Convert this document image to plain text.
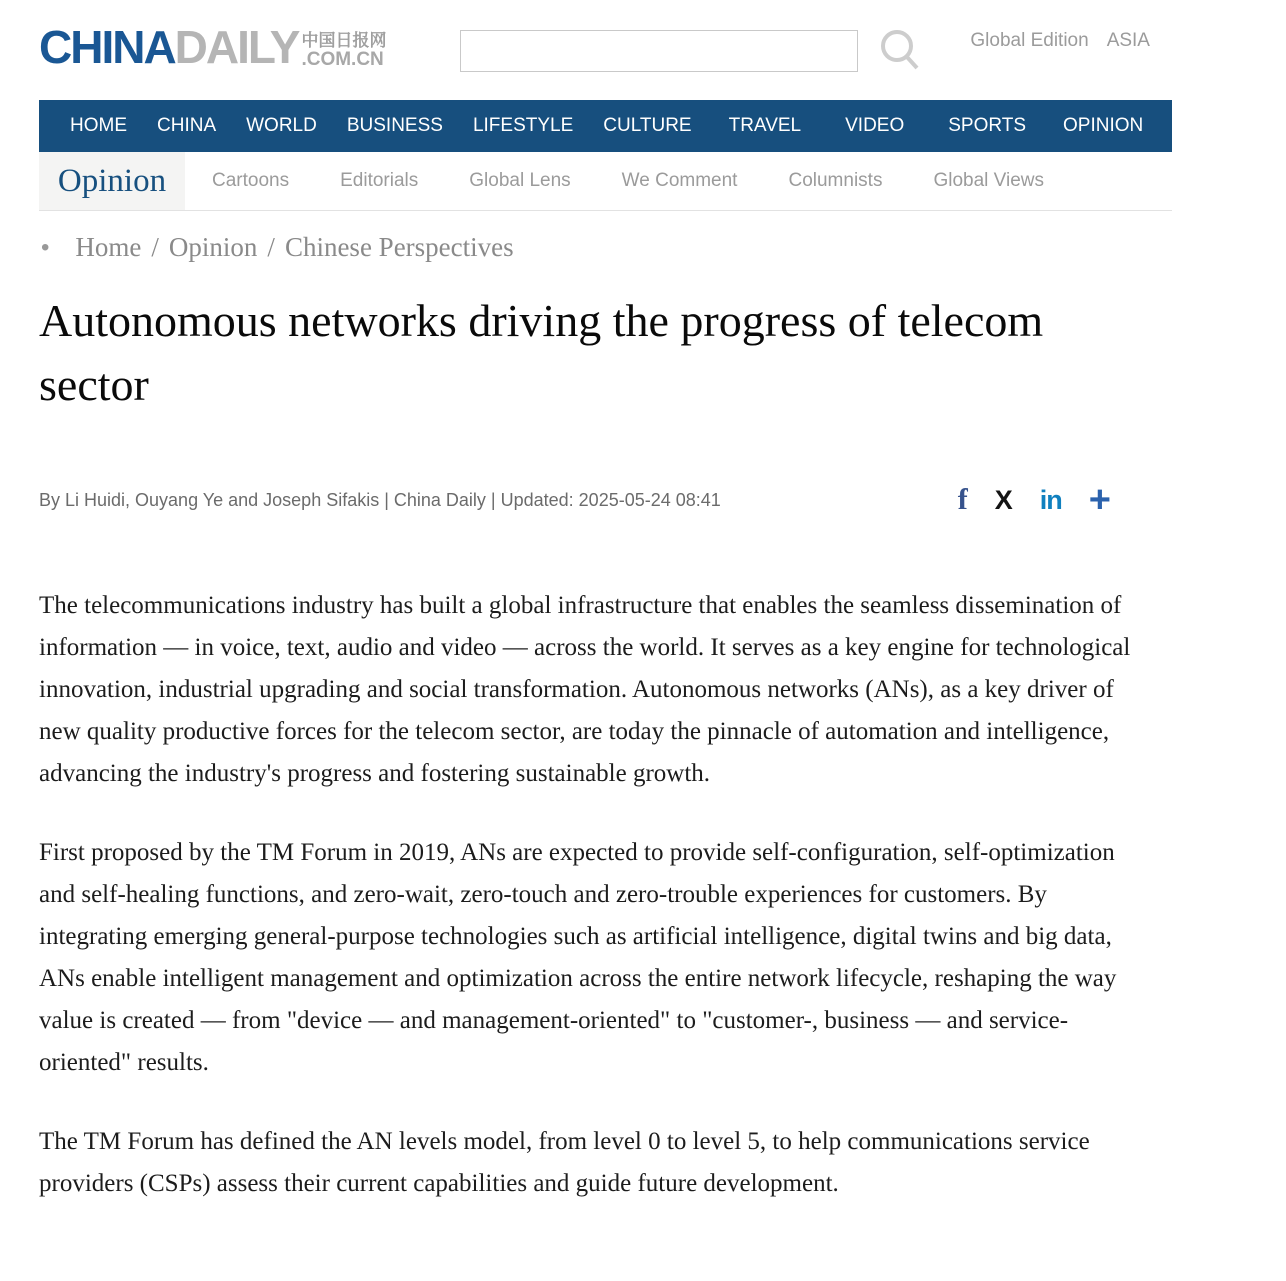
CHINADAILY 中国日报网
.COM.CN
Global Edition ASIA
HOME	CHINA	WORLD	BUSINESS	LIFESTYLE	CULTURE	TRAVEL	VIDEO	SPORTS	OPINION	REGIONAL
Opinion	Cartoons	Editorials	Global Lens	We Comment	Columnists	Global Views
• Home / Opinion / Chinese Perspectives
Autonomous networks driving the progress of telecom sector
By Li Huidi, Ouyang Ye and Joseph Sifakis | China Daily | Updated: 2025-05-24 08:41	f X in +

The telecommunications industry has built a global infrastructure that enables the seamless dissemination of information — in voice, text, audio and video — across the world. It serves as a key engine for technological innovation, industrial upgrading and social transformation. Autonomous networks (ANs), as a key driver of new quality productive forces for the telecom sector, are today the pinnacle of automation and intelligence, advancing the industry's progress and fostering sustainable growth.

First proposed by the TM Forum in 2019, ANs are expected to provide self-configuration, self-optimization and self-healing functions, and zero-wait, zero-touch and zero-trouble experiences for customers. By integrating emerging general-purpose technologies such as artificial intelligence, digital twins and big data, ANs enable intelligent management and optimization across the entire network lifecycle, reshaping the way value is created — from "device — and management-oriented" to "customer-, business — and service-oriented" results.

The TM Forum has defined the AN levels model, from level 0 to level 5, to help communications service providers (CSPs) assess their current capabilities and guide future development.
